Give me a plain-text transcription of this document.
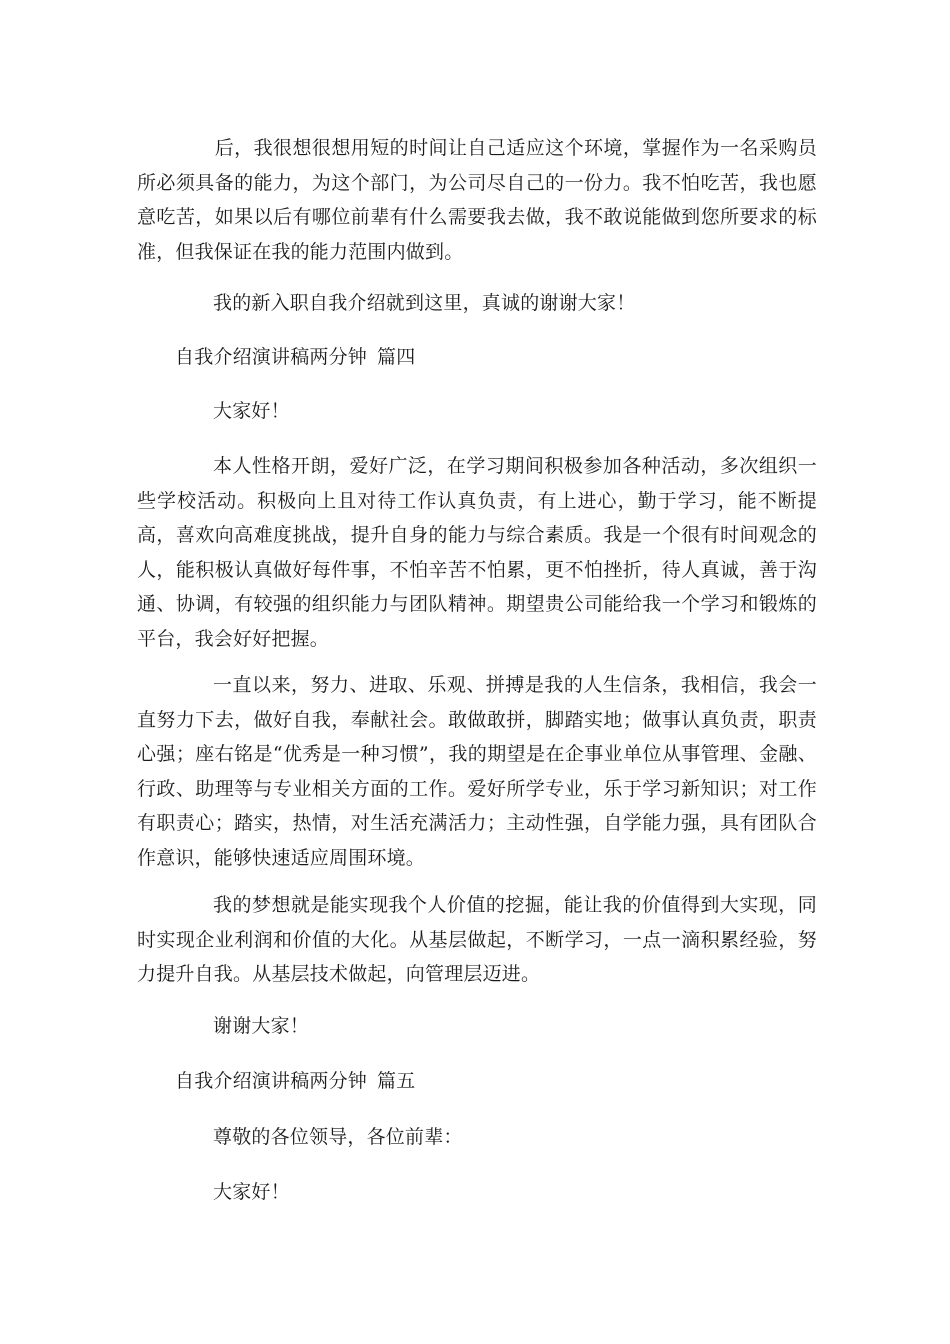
　　　　后，我很想很想用短的时间让自己适应这个环境，掌握作为一名采购员所必须具备的能力，为这个部门，为公司尽自己的一份力。我不怕吃苦，我也愿意吃苦，如果以后有哪位前辈有什么需要我去做，我不敢说能做到您所要求的标准，但我保证在我的能力范围内做到。

我的新入职自我介绍就到这里，真诚的谢谢大家！

自我介绍演讲稿两分钟 篇四

大家好！

本人性格开朗，爱好广泛，在学习期间积极参加各种活动，多次组织一些学校活动。积极向上且对待工作认真负责，有上进心，勤于学习，能不断提高，喜欢向高难度挑战，提升自身的能力与综合素质。我是一个很有时间观念的人，能积极认真做好每件事，不怕辛苦不怕累，更不怕挫折，待人真诚，善于沟通、协调，有较强的组织能力与团队精神。期望贵公司能给我一个学习和锻炼的平台，我会好好把握。

一直以来，努力、进取、乐观、拼搏是我的人生信条，我相信，我会一直努力下去，做好自我，奉献社会。敢做敢拼，脚踏实地；做事认真负责，职责心强；座右铭是“优秀是一种习惯”，我的期望是在企事业单位从事管理、金融、行政、助理等与专业相关方面的工作。爱好所学专业，乐于学习新知识；对工作有职责心；踏实，热情，对生活充满活力；主动性强，自学能力强，具有团队合作意识，能够快速适应周围环境。

我的梦想就是能实现我个人价值的挖掘，能让我的价值得到大实现，同时实现企业利润和价值的大化。从基层做起，不断学习，一点一滴积累经验，努力提升自我。从基层技术做起，向管理层迈进。

谢谢大家！

自我介绍演讲稿两分钟 篇五

尊敬的各位领导，各位前辈：

大家好！
